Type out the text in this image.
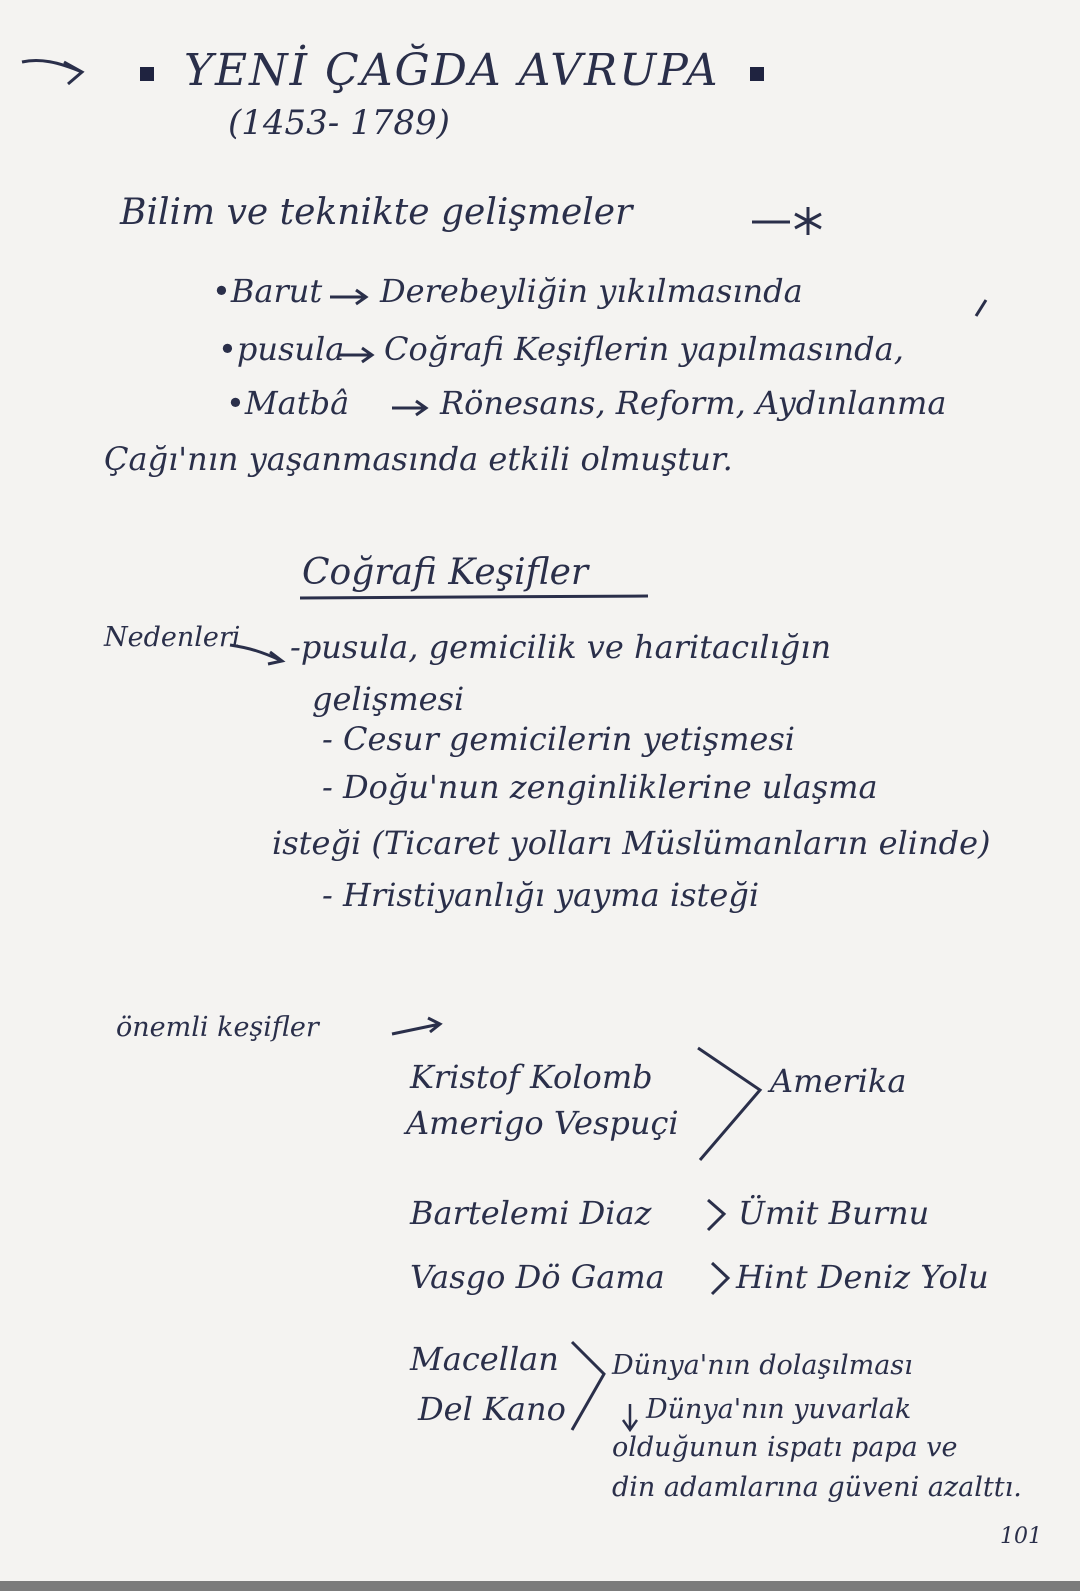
YENİ ÇAĞDA AVRUPA
(1453- 1789)
Bilim ve teknikte gelişmeler
•Barut Derebeyliğin yıkılmasında
•pusula Coğrafi Keşiflerin yapılmasında,
•Matbâ	Rönesans, Reform, Aydınlanma
Çağı'nın yaşanmasında etkili olmuştur.
Coğrafi Keşifler
Nedenleri -pusula, gemicilik ve haritacılığın
gelişmesi
- Cesur gemicilerin yetişmesi
- Doğu'nun zenginliklerine ulaşma
isteği (Ticaret yolları Müslümanların elinde)
- Hristiyanlığı yayma isteği
önemli keşifler
Kristof Kolomb
Amerigo Vespuçi
Amerika
Bartelemi Diaz	Ümit Burnu
Vasgo Dö Gama Hint Deniz Yolu
Macellan
Del Kano
Dünya'nın dolaşılması
Dünya'nın yuvarlak
olduğunun ispatı papa ve
din adamlarına güveni azalttı.
101
